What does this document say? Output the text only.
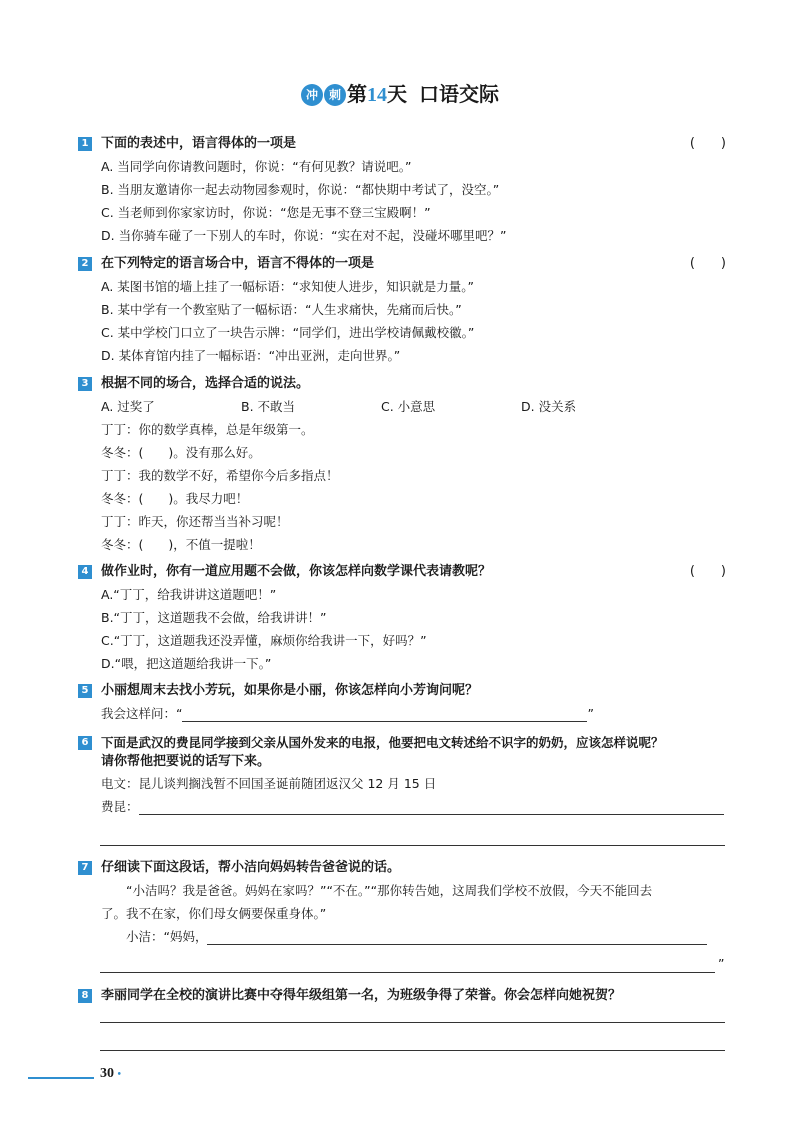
冲 刺 第14天 口语交际
1 下面的表述中，语言得体的一项是	(　　)
A. 当同学向你请教问题时，你说：“有何见教？请说吧。”
B. 当朋友邀请你一起去动物园参观时，你说：“都快期中考试了，没空。”
C. 当老师到你家家访时，你说：“您是无事不登三宝殿啊！”
D. 当你骑车碰了一下别人的车时，你说：“实在对不起，没碰坏哪里吧？”
2 在下列特定的语言场合中，语言不得体的一项是	(　　)
A. 某图书馆的墙上挂了一幅标语：“求知使人进步，知识就是力量。”
B. 某中学有一个教室贴了一幅标语：“人生求痛快，先痛而后快。”
C. 某中学校门口立了一块告示牌：“同学们，进出学校请佩戴校徽。”
D. 某体育馆内挂了一幅标语：“冲出亚洲，走向世界。”
3 根据不同的场合，选择合适的说法。
A. 过奖了	B. 不敢当	C. 小意思	D. 没关系
丁丁：你的数学真棒，总是年级第一。
冬冬：(　　)。没有那么好。
丁丁：我的数学不好，希望你今后多指点！
冬冬：(　　)。我尽力吧！
丁丁：昨天，你还帮当当补习呢！
冬冬：(　　)，不值一提啦！
4 做作业时，你有一道应用题不会做，你该怎样向数学课代表请教呢？	(　　)
A.“丁丁，给我讲讲这道题吧！”
B.“丁丁，这道题我不会做，给我讲讲！”
C.“丁丁，这道题我还没弄懂，麻烦你给我讲一下，好吗？”
D.“喂，把这道题给我讲一下。”
5 小丽想周末去找小芳玩，如果你是小丽，你该怎样向小芳询问呢？
我会这样问：“	”
6 下面是武汉的费昆同学接到父亲从国外发来的电报，他要把电文转述给不识字的奶奶，应该怎样说呢？
请你帮他把要说的话写下来。
电文：昆儿谈判搁浅暂不回国圣诞前随团返汉父 12 月 15 日
费昆：
7 仔细读下面这段话，帮小洁向妈妈转告爸爸说的话。
“小洁吗？我是爸爸。妈妈在家吗？”“不在。”“那你转告她，这周我们学校不放假，今天不能回去
了。我不在家，你们母女俩要保重身体。”
小洁：“妈妈，
”
8 李丽同学在全校的演讲比赛中夺得年级组第一名，为班级争得了荣誉。你会怎样向她祝贺？
30 •
